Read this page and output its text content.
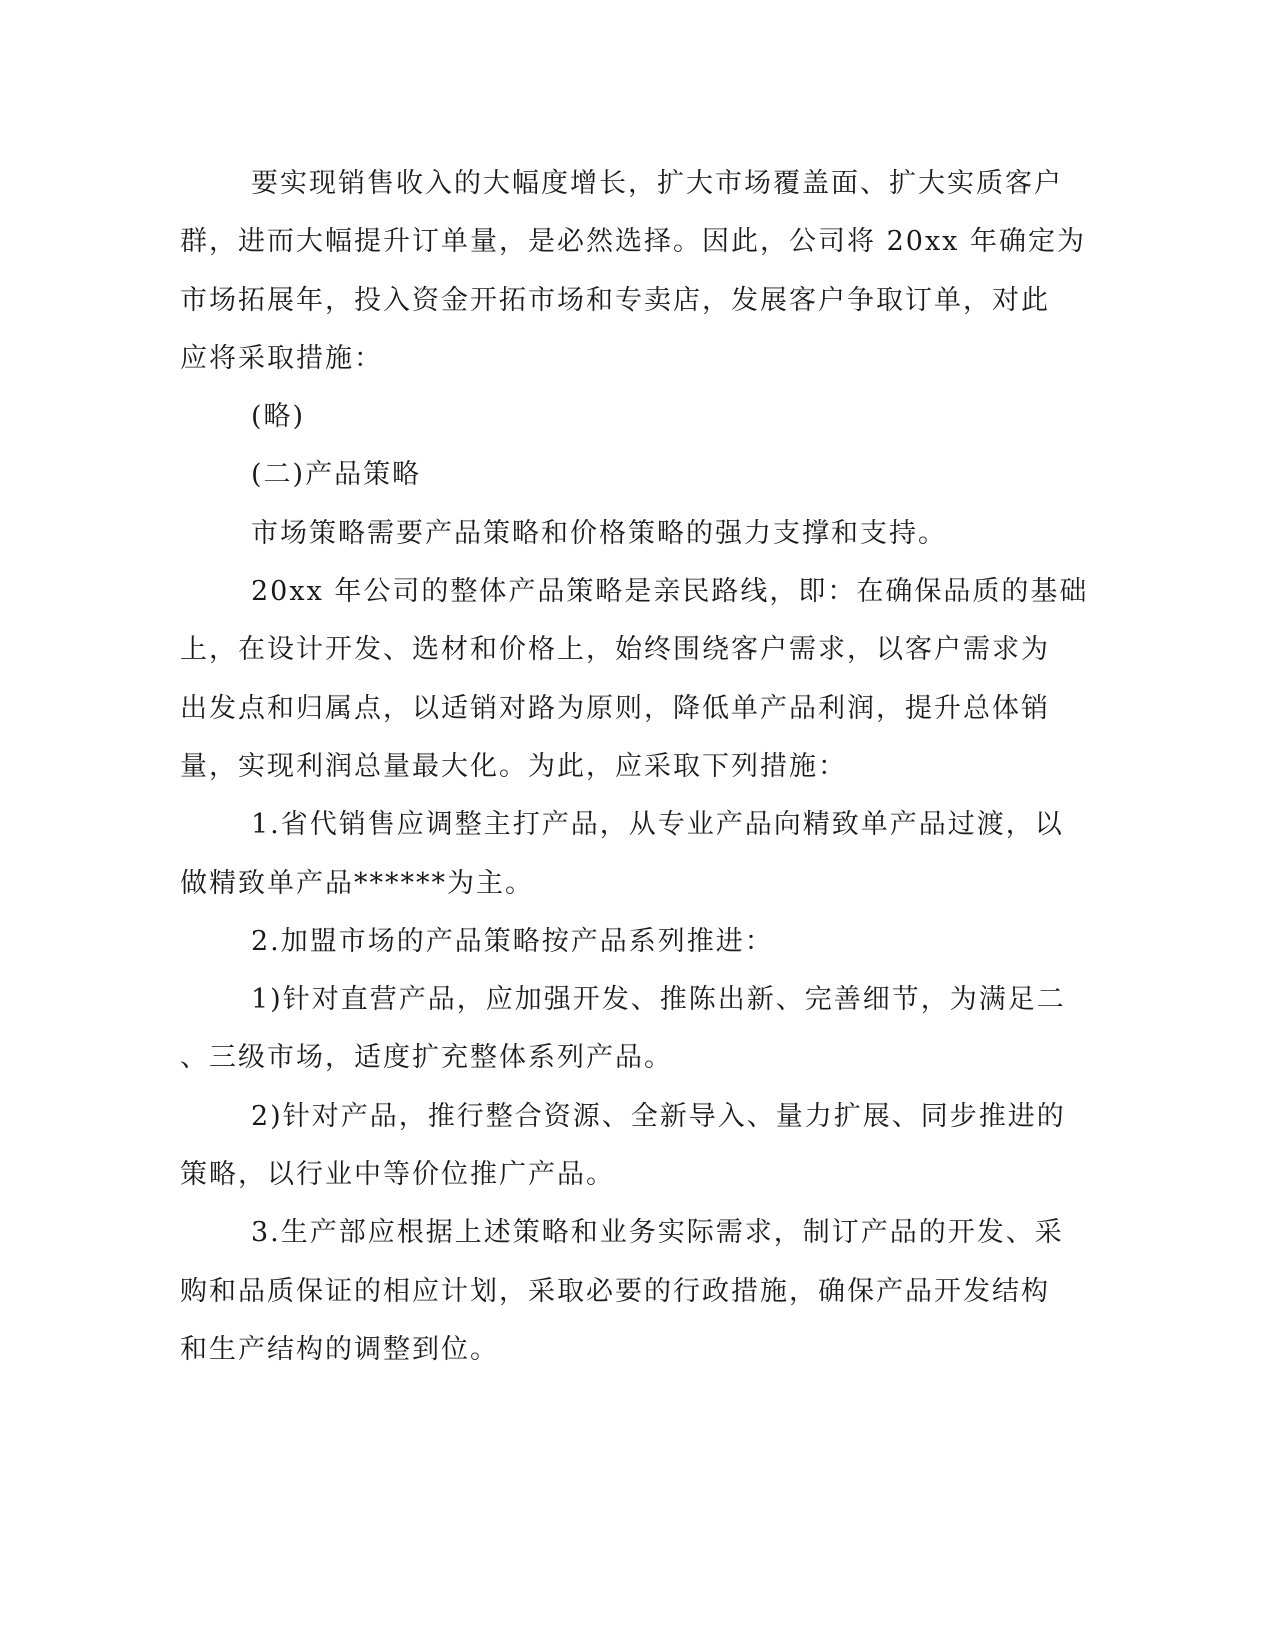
要实现销售收入的大幅度增长，扩大市场覆盖面、扩大实质客户

群，进而大幅提升订单量，是必然选择。因此，公司将 20xx 年确定为

市场拓展年，投入资金开拓市场和专卖店，发展客户争取订单，对此

应将采取措施：

(略)

(二)产品策略

市场策略需要产品策略和价格策略的强力支撑和支持。

20xx 年公司的整体产品策略是亲民路线，即：在确保品质的基础

上，在设计开发、选材和价格上，始终围绕客户需求，以客户需求为

出发点和归属点，以适销对路为原则，降低单产品利润，提升总体销

量，实现利润总量最大化。为此，应采取下列措施：

1.省代销售应调整主打产品，从专业产品向精致单产品过渡，以

做精致单产品******为主。

2.加盟市场的产品策略按产品系列推进：

1)针对直营产品，应加强开发、推陈出新、完善细节，为满足二

、三级市场，适度扩充整体系列产品。

2)针对产品，推行整合资源、全新导入、量力扩展、同步推进的

策略，以行业中等价位推广产品。

3.生产部应根据上述策略和业务实际需求，制订产品的开发、采

购和品质保证的相应计划，采取必要的行政措施，确保产品开发结构

和生产结构的调整到位。
